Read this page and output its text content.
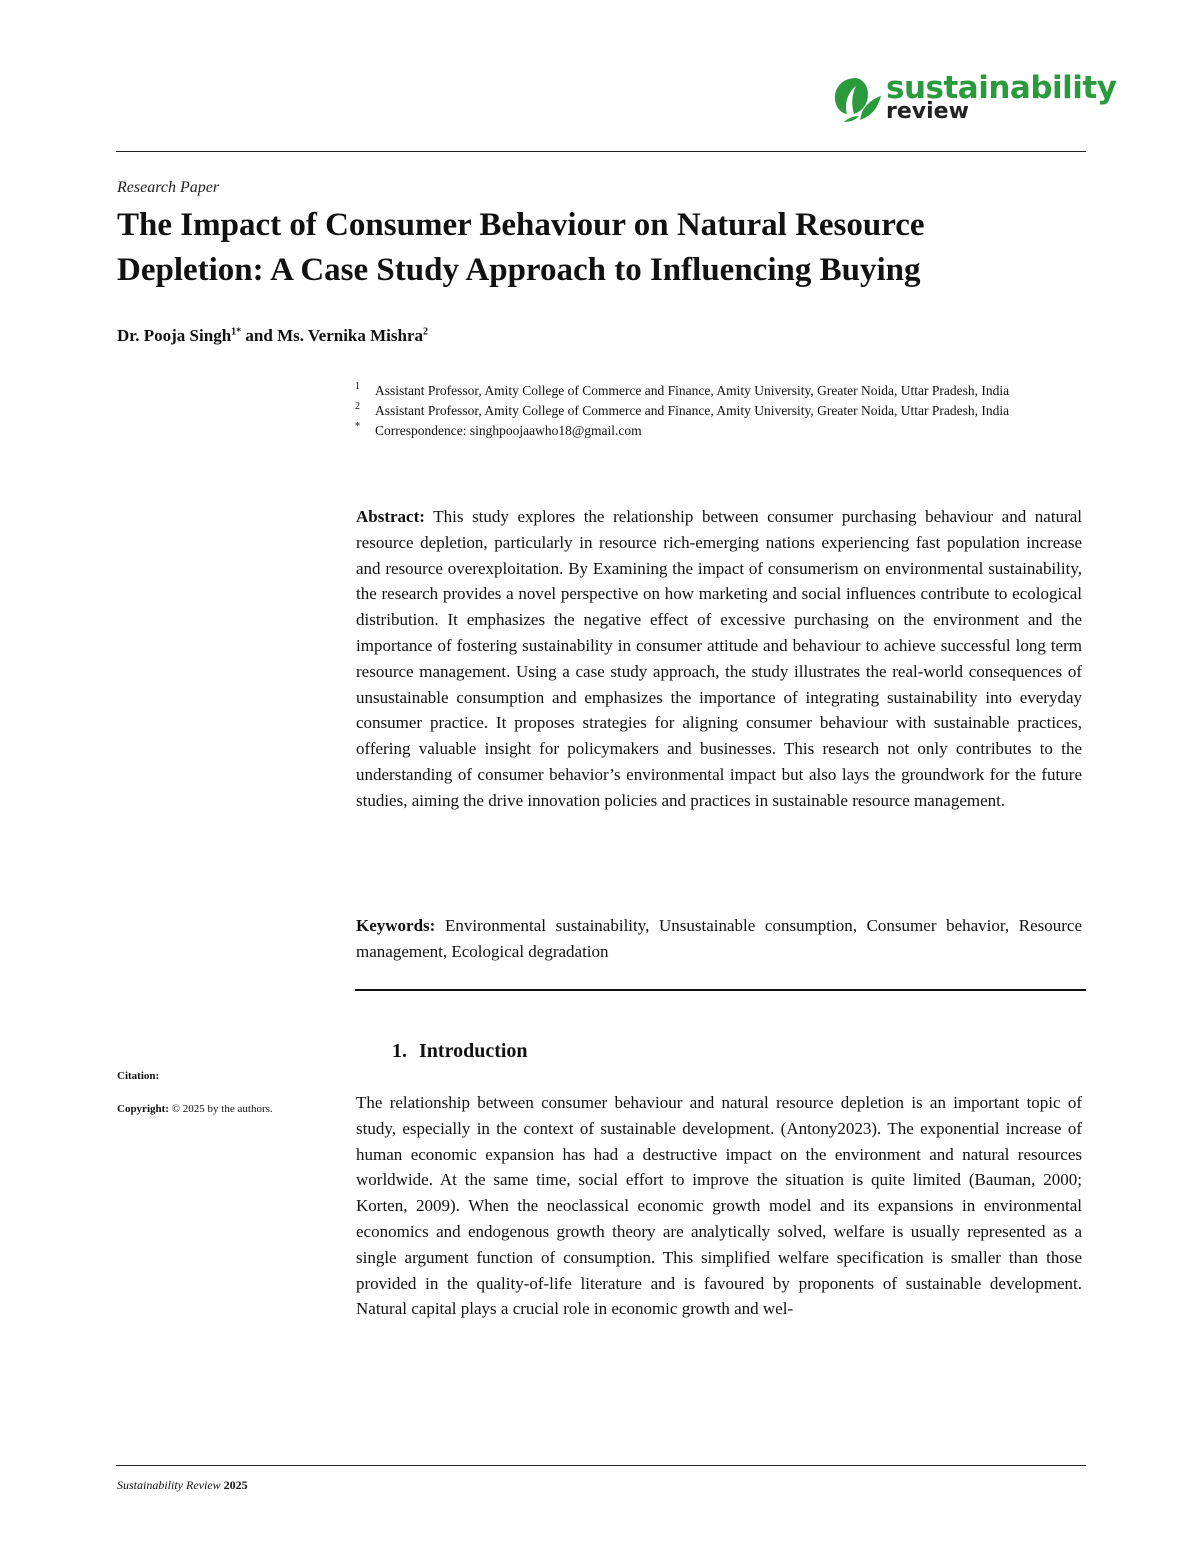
sustainability
review
Research Paper
The Impact of Consumer Behaviour on Natural Resource Depletion: A Case Study Approach to Influencing Buying
Dr. Pooja Singh$^{1*}$ and Ms. Vernika Mishra$^2$
1 Assistant Professor, Amity College of Commerce and Finance, Amity University, Greater Noida, Uttar Pradesh, India
2 Assistant Professor, Amity College of Commerce and Finance, Amity University, Greater Noida, Uttar Pradesh, India
* Correspondence: singhpoojaawho18@gmail.com

Abstract: This study explores the relationship between consumer purchasing behaviour and natural resource depletion, particularly in resource rich-emerging nations experiencing fast population increase and resource overexploitation. By Examining the impact of consumerism on environmental sustainability, the research provides a novel perspective on how marketing and social influences contribute to ecological distribution. It emphasizes the negative effect of excessive purchasing on the environment and the importance of fostering sustainability in consumer attitude and behaviour to achieve successful long term resource management. Using a case study approach, the study illustrates the real-world consequences of unsustainable consumption and emphasizes the importance of integrating sustainability into everyday consumer practice. It proposes strategies for aligning consumer behaviour with sustainable practices, offering valuable insight for policymakers and businesses. This research not only contributes to the understanding of consumer behavior’s environmental impact but also lays the groundwork for the future studies, aiming the drive innovation policies and practices in sustainable resource management.

Keywords: Environmental sustainability, Unsustainable consumption, Consumer behavior, Resource management, Ecological degradation

Citation:
Copyright: © 2025 by the authors.
1. Introduction

The relationship between consumer behaviour and natural resource depletion is an important topic of study, especially in the context of sustainable development. (Antony2023). The exponential increase of human economic expansion has had a destructive impact on the environment and natural resources worldwide. At the same time, social effort to improve the situation is quite limited (Bauman, 2000; Korten, 2009). When the neoclassical economic growth model and its expansions in environmental economics and endogenous growth theory are analytically solved, welfare is usually represented as a single argument function of consumption. This simplified welfare specification is smaller than those provided in the quality-of-life literature and is favoured by proponents of sustainable development. Natural capital plays a crucial role in economic growth and wel-

Sustainability Review 2025
